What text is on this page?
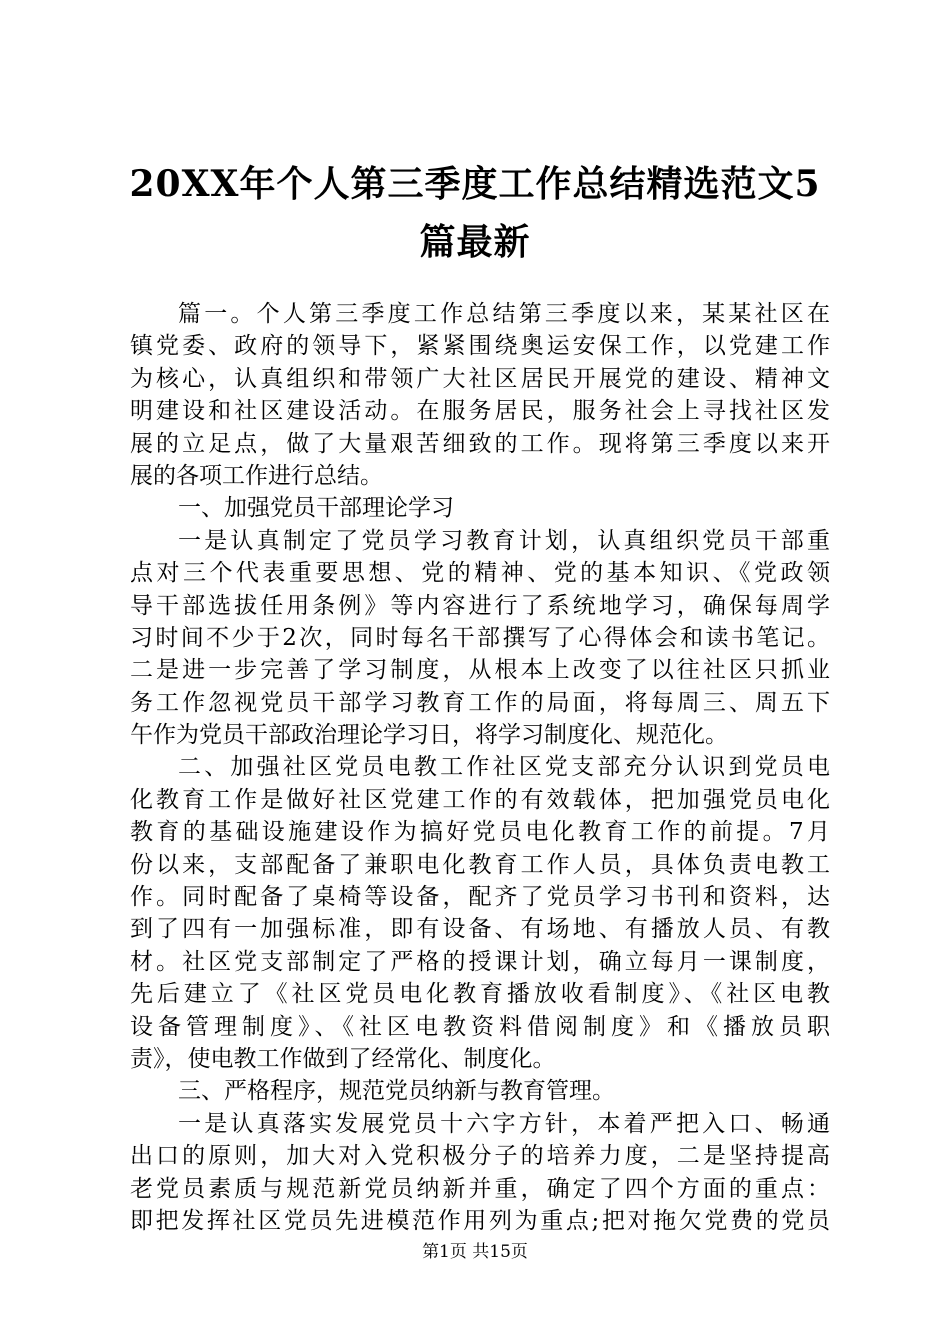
20XX年个人第三季度工作总结精选范文5篇最新
篇一。个人第三季度工作总结第三季度以来，某某社区在
镇党委、政府的领导下，紧紧围绕奥运安保工作，以党建工作
为核心，认真组织和带领广大社区居民开展党的建设、精神文
明建设和社区建设活动。在服务居民，服务社会上寻找社区发
展的立足点，做了大量艰苦细致的工作。现将第三季度以来开
展的各项工作进行总结。
一、加强党员干部理论学习
一是认真制定了党员学习教育计划，认真组织党员干部重
点对三个代表重要思想、党的精神、党的基本知识、《党政领
导干部选拔任用条例》等内容进行了系统地学习，确保每周学
习时间不少于2次，同时每名干部撰写了心得体会和读书笔记。
二是进一步完善了学习制度，从根本上改变了以往社区只抓业
务工作忽视党员干部学习教育工作的局面，将每周三、周五下
午作为党员干部政治理论学习日，将学习制度化、规范化。
二、加强社区党员电教工作社区党支部充分认识到党员电
化教育工作是做好社区党建工作的有效载体，把加强党员电化
教育的基础设施建设作为搞好党员电化教育工作的前提。7月
份以来，支部配备了兼职电化教育工作人员，具体负责电教工
作。同时配备了桌椅等设备，配齐了党员学习书刊和资料，达
到了四有一加强标准，即有设备、有场地、有播放人员、有教
材。社区党支部制定了严格的授课计划，确立每月一课制度，
先后建立了《社区党员电化教育播放收看制度》、《社区电教
设备管理制度》、《社区电教资料借阅制度》和《播放员职
责》，使电教工作做到了经常化、制度化。
三、严格程序，规范党员纳新与教育管理。
一是认真落实发展党员十六字方针，本着严把入口、畅通
出口的原则，加大对入党积极分子的培养力度，二是坚持提高
老党员素质与规范新党员纳新并重，确定了四个方面的重点：
即把发挥社区党员先进模范作用列为重点;把对拖欠党费的党员
第1页 共15页
